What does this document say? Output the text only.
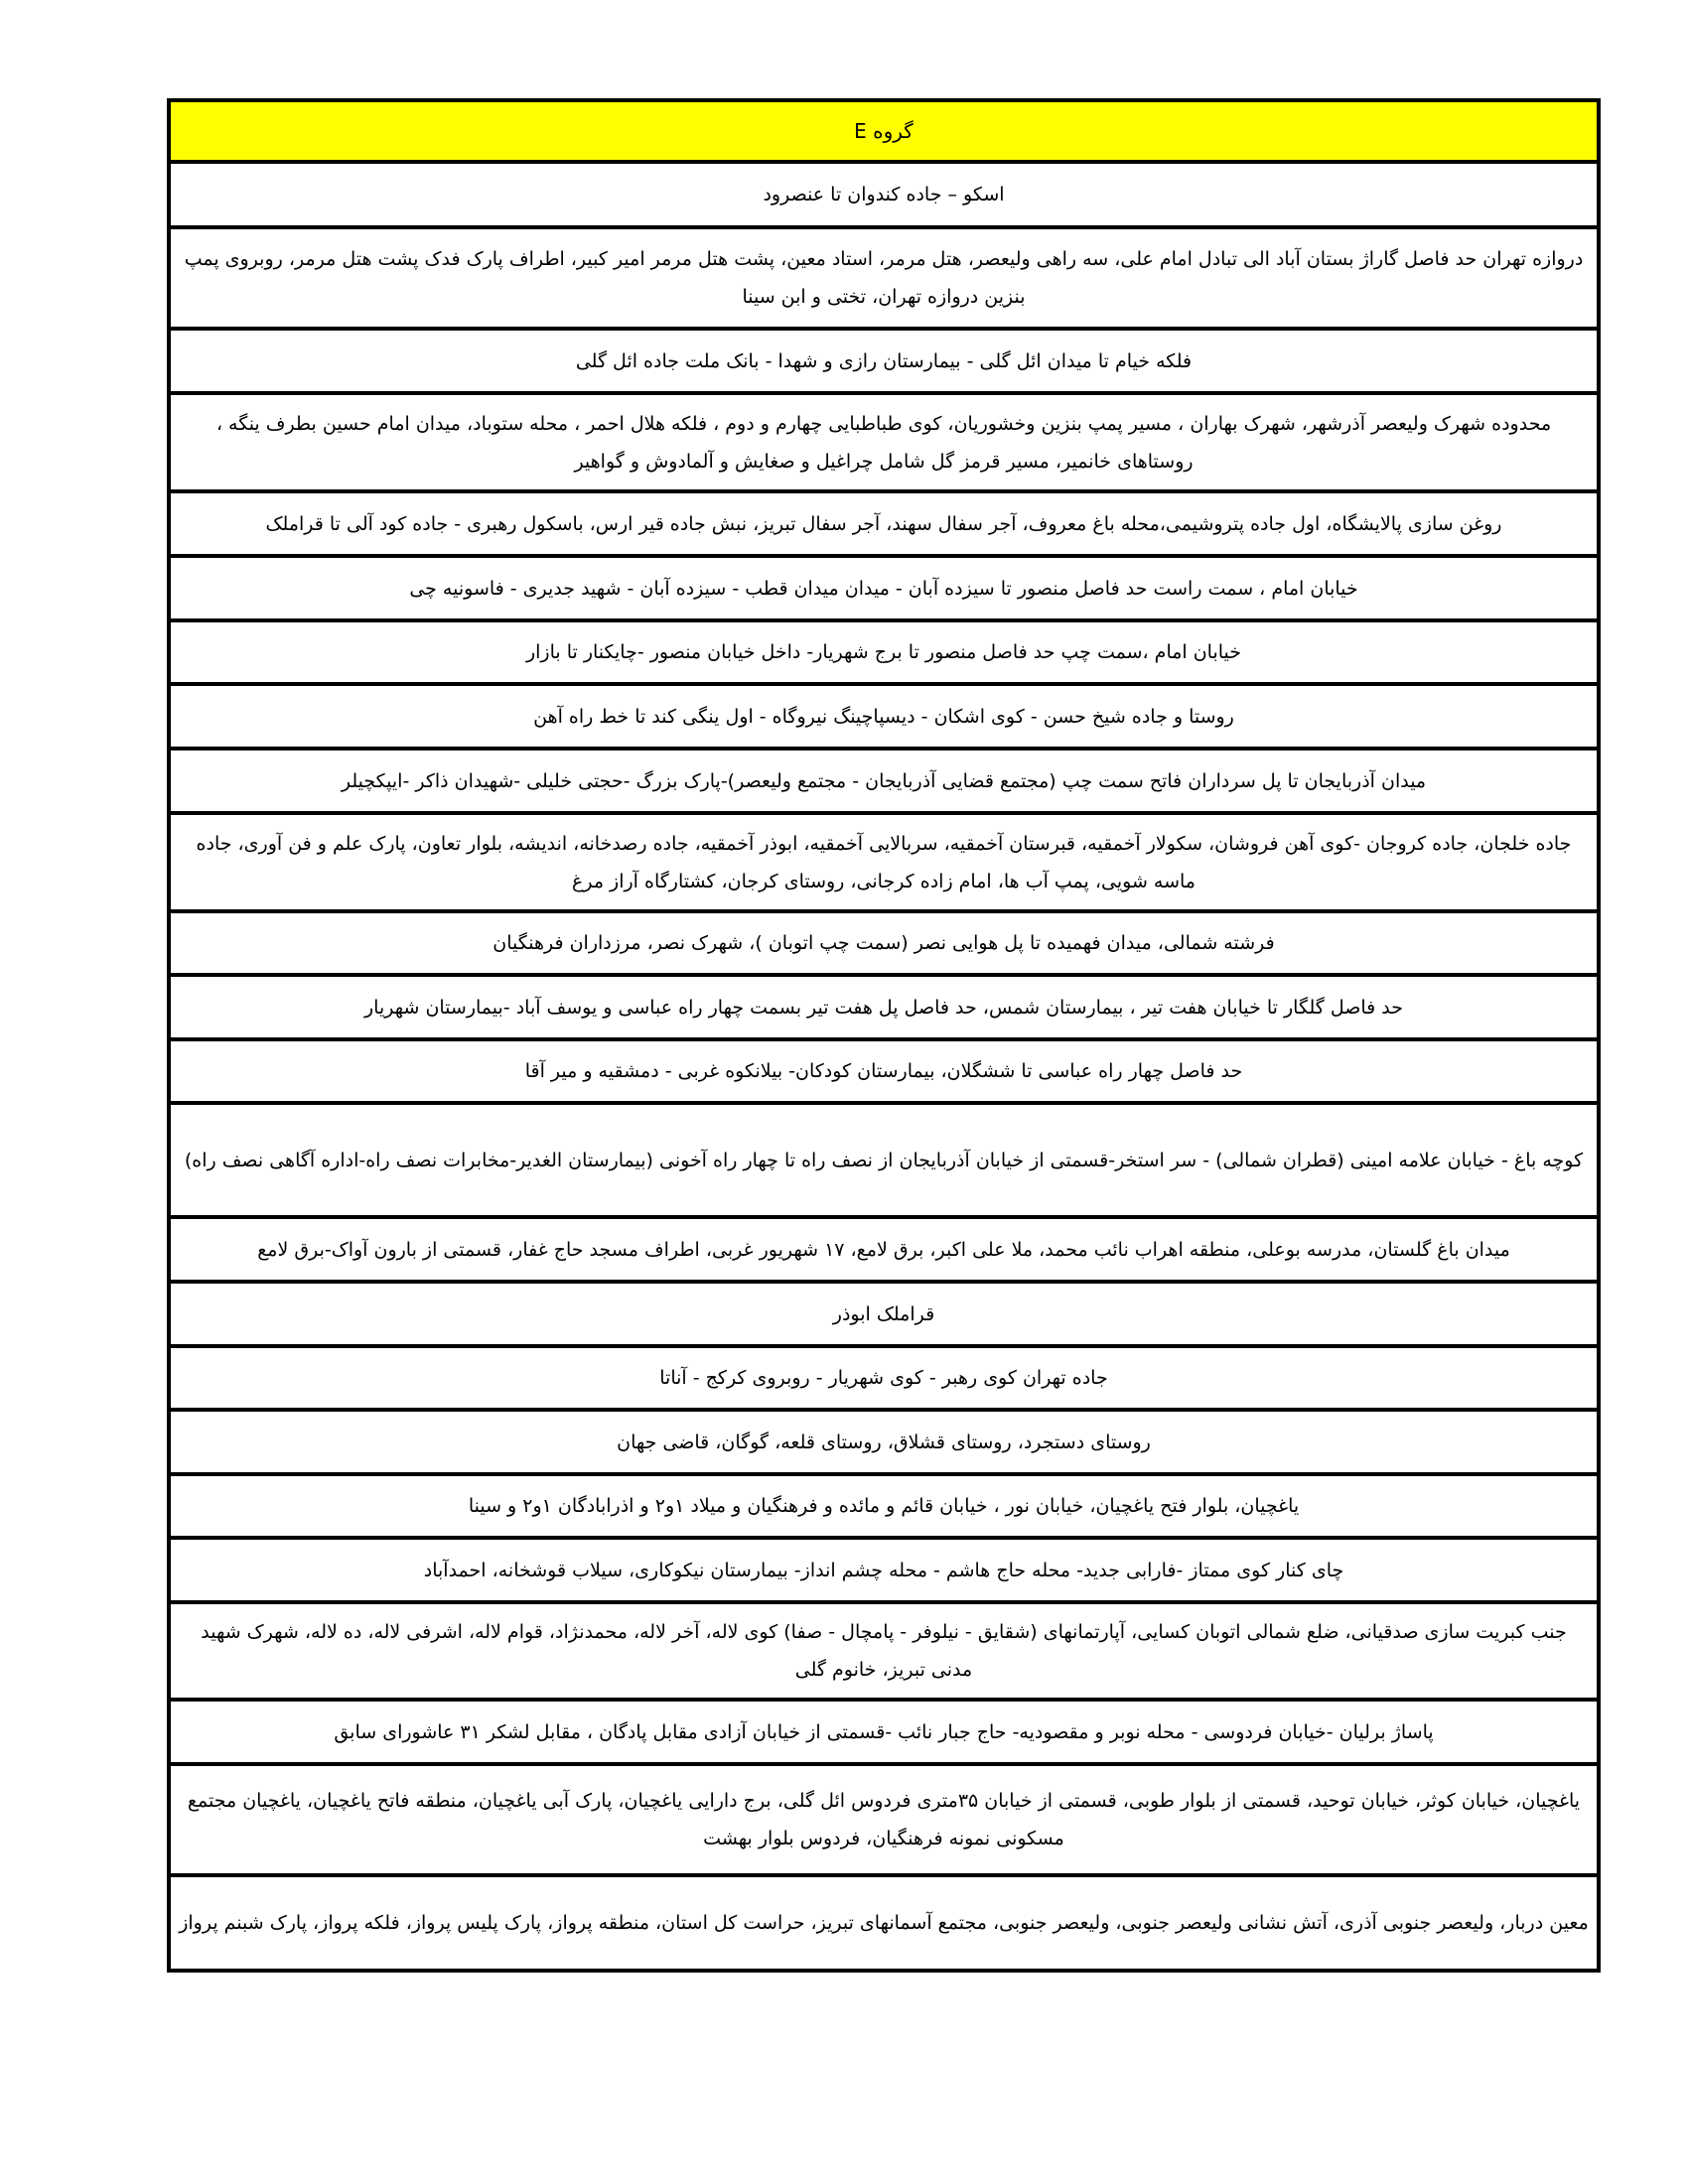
گروه E
اسکو – جاده کندوان تا عنصرود
دروازه تهران حد فاصل گاراژ بستان آباد الی تبادل امام علی، سه راهی ولیعصر، هتل مرمر، استاد معین، پشت هتل مرمر امیر کبیر، اطراف پارک فدک پشت هتل مرمر، روبروی پمپ بنزین دروازه تهران، تختی و ابن سینا
فلکه خیام تا میدان ائل گلی - بیمارستان رازی و شهدا - بانک ملت جاده ائل گلی
محدوده شهرک ولیعصر آذرشهر، شهرک بهاران ، مسیر پمپ بنزین وخشوریان، کوی طباطبایی چهارم و دوم ، فلکه هلال احمر ، محله ستوباد، میدان امام حسین بطرف ینگه ، روستاهای خانمیر، مسیر قرمز گل شامل چراغیل و صغایش و آلمادوش و گواهیر
روغن سازی پالایشگاه، اول جاده پتروشیمی،محله باغ معروف، آجر سفال سهند، آجر سفال تبریز، نبش جاده قیر ارس، باسکول رهبری - جاده کود آلی تا قراملک
خیابان امام ، سمت راست حد فاصل منصور تا سیزده آبان - میدان میدان قطب - سیزده آبان - شهید جدیری - فاسونیه چی
خیابان امام ،سمت چپ حد فاصل منصور تا برج شهریار- داخل خیابان منصور -چایکنار تا بازار
روستا و جاده شیخ حسن - کوی اشکان - دیسپاچینگ نیروگاه - اول ینگی کند تا خط راه آهن
میدان آذربایجان تا پل سرداران فاتح سمت چپ (مجتمع قضایی آذربایجان - مجتمع ولیعصر)-پارک بزرگ -حجتی خلیلی -شهیدان ذاکر -ایپکچیلر
جاده خلجان، جاده کروجان -کوی آهن فروشان، سکولار آخمقیه، قبرستان آخمقیه، سربالایی آخمقیه، ابوذر آخمقیه، جاده رصدخانه، اندیشه، بلوار تعاون، پارک علم و فن آوری، جاده ماسه شویی، پمپ آب ها، امام زاده کرجانی، روستای کرجان، کشتارگاه آراز مرغ
فرشته شمالی، میدان فهمیده تا پل هوایی نصر (سمت چپ اتوبان )، شهرک نصر، مرزداران فرهنگیان
حد فاصل گلگار تا خیابان هفت تیر ، بیمارستان شمس، حد فاصل پل هفت تیر بسمت چهار راه عباسی و یوسف آباد -بیمارستان شهریار
حد فاصل چهار راه عباسی تا ششگلان، بیمارستان کودکان- بیلانکوه غربی - دمشقیه و میر آقا
کوچه باغ - خیابان علامه امینی (قطران شمالی) - سر استخر-قسمتی از خیابان آذربایجان از نصف راه تا چهار راه آخونی (بیمارستان الغدیر-مخابرات نصف راه-اداره آگاهی نصف راه)
میدان باغ گلستان، مدرسه بوعلی، منطقه اهراب نائب محمد، ملا علی اکبر، برق لامع، ۱۷ شهریور غربی، اطراف مسجد حاج غفار، قسمتی از بارون آواک-برق لامع
قراملک ابوذر
جاده تهران کوی رهبر - کوی شهریار - روبروی کرکج - آناتا
روستای دستجرد، روستای قشلاق، روستای قلعه، گوگان، قاضی جهان
یاغچیان، بلوار فتح یاغچیان، خیابان نور ، خیابان قائم و مائده و فرهنگیان و میلاد ۱و۲ و اذرابادگان ۱و۲ و سینا
چای کنار کوی ممتاز -فارابی جدید- محله حاج هاشم - محله چشم انداز- بیمارستان نیکوکاری، سیلاب قوشخانه، احمدآباد
جنب کبریت سازی صدقیانی، ضلع شمالی اتوبان کسایی، آپارتمانهای (شقایق - نیلوفر - پامچال - صفا) کوی لاله، آخر لاله، محمدنژاد، قوام لاله، اشرفی لاله، ده لاله، شهرک شهید مدنی تبریز، خانوم گلی
پاساژ برلیان -خیابان فردوسی - محله نوبر و مقصودیه- حاج جبار نائب -قسمتی از خیابان آزادی مقابل پادگان ، مقابل لشکر ۳۱ عاشورای سابق
یاغچیان، خیابان کوثر، خیابان توحید، قسمتی از بلوار طوبی، قسمتی از خیابان ۳۵متری فردوس ائل گلی، برج دارایی یاغچیان، پارک آبی یاغچیان، منطقه فاتح یاغچیان، یاغچیان مجتمع مسکونی نمونه فرهنگیان، فردوس بلوار بهشت
معین دربار، ولیعصر جنوبی آذری، آتش نشانی ولیعصر جنوبی، ولیعصر جنوبی، مجتمع آسمانهای تبریز، حراست کل استان، منطقه پرواز، پارک پلیس پرواز، فلکه پرواز، پارک شبنم پرواز
